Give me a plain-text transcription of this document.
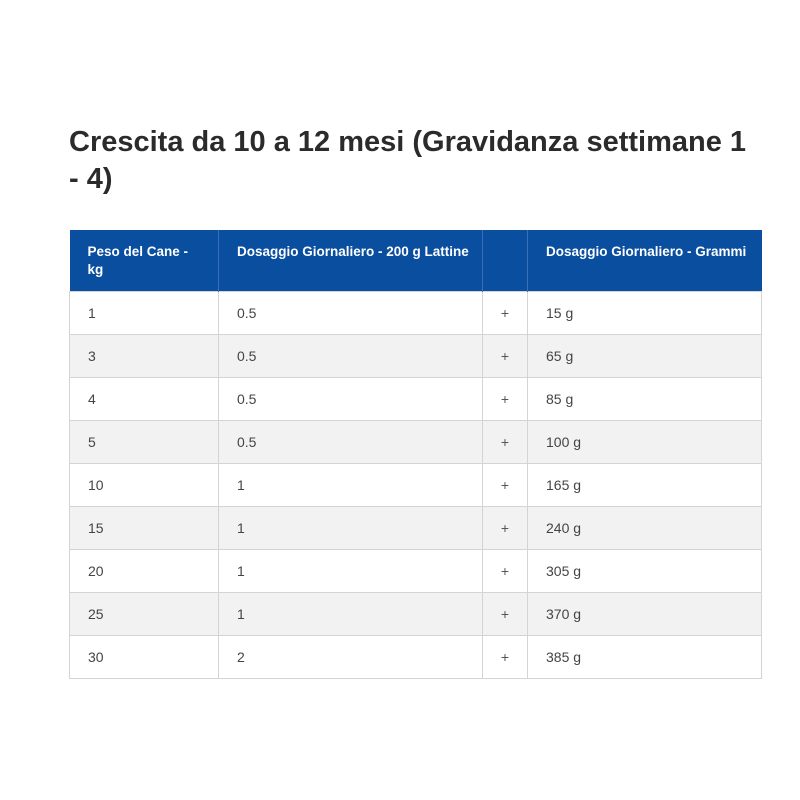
Crescita da 10 a 12 mesi (Gravidanza settimane 1 - 4)
Peso del Cane - kg	Dosaggio Giornaliero - 200 g Lattine		Dosaggio Giornaliero - Grammi
1	0.5	+	15 g
3	0.5	+	65 g
4	0.5	+	85 g
5	0.5	+	100 g
10	1	+	165 g
15	1	+	240 g
20	1	+	305 g
25	1	+	370 g
30	2	+	385 g
